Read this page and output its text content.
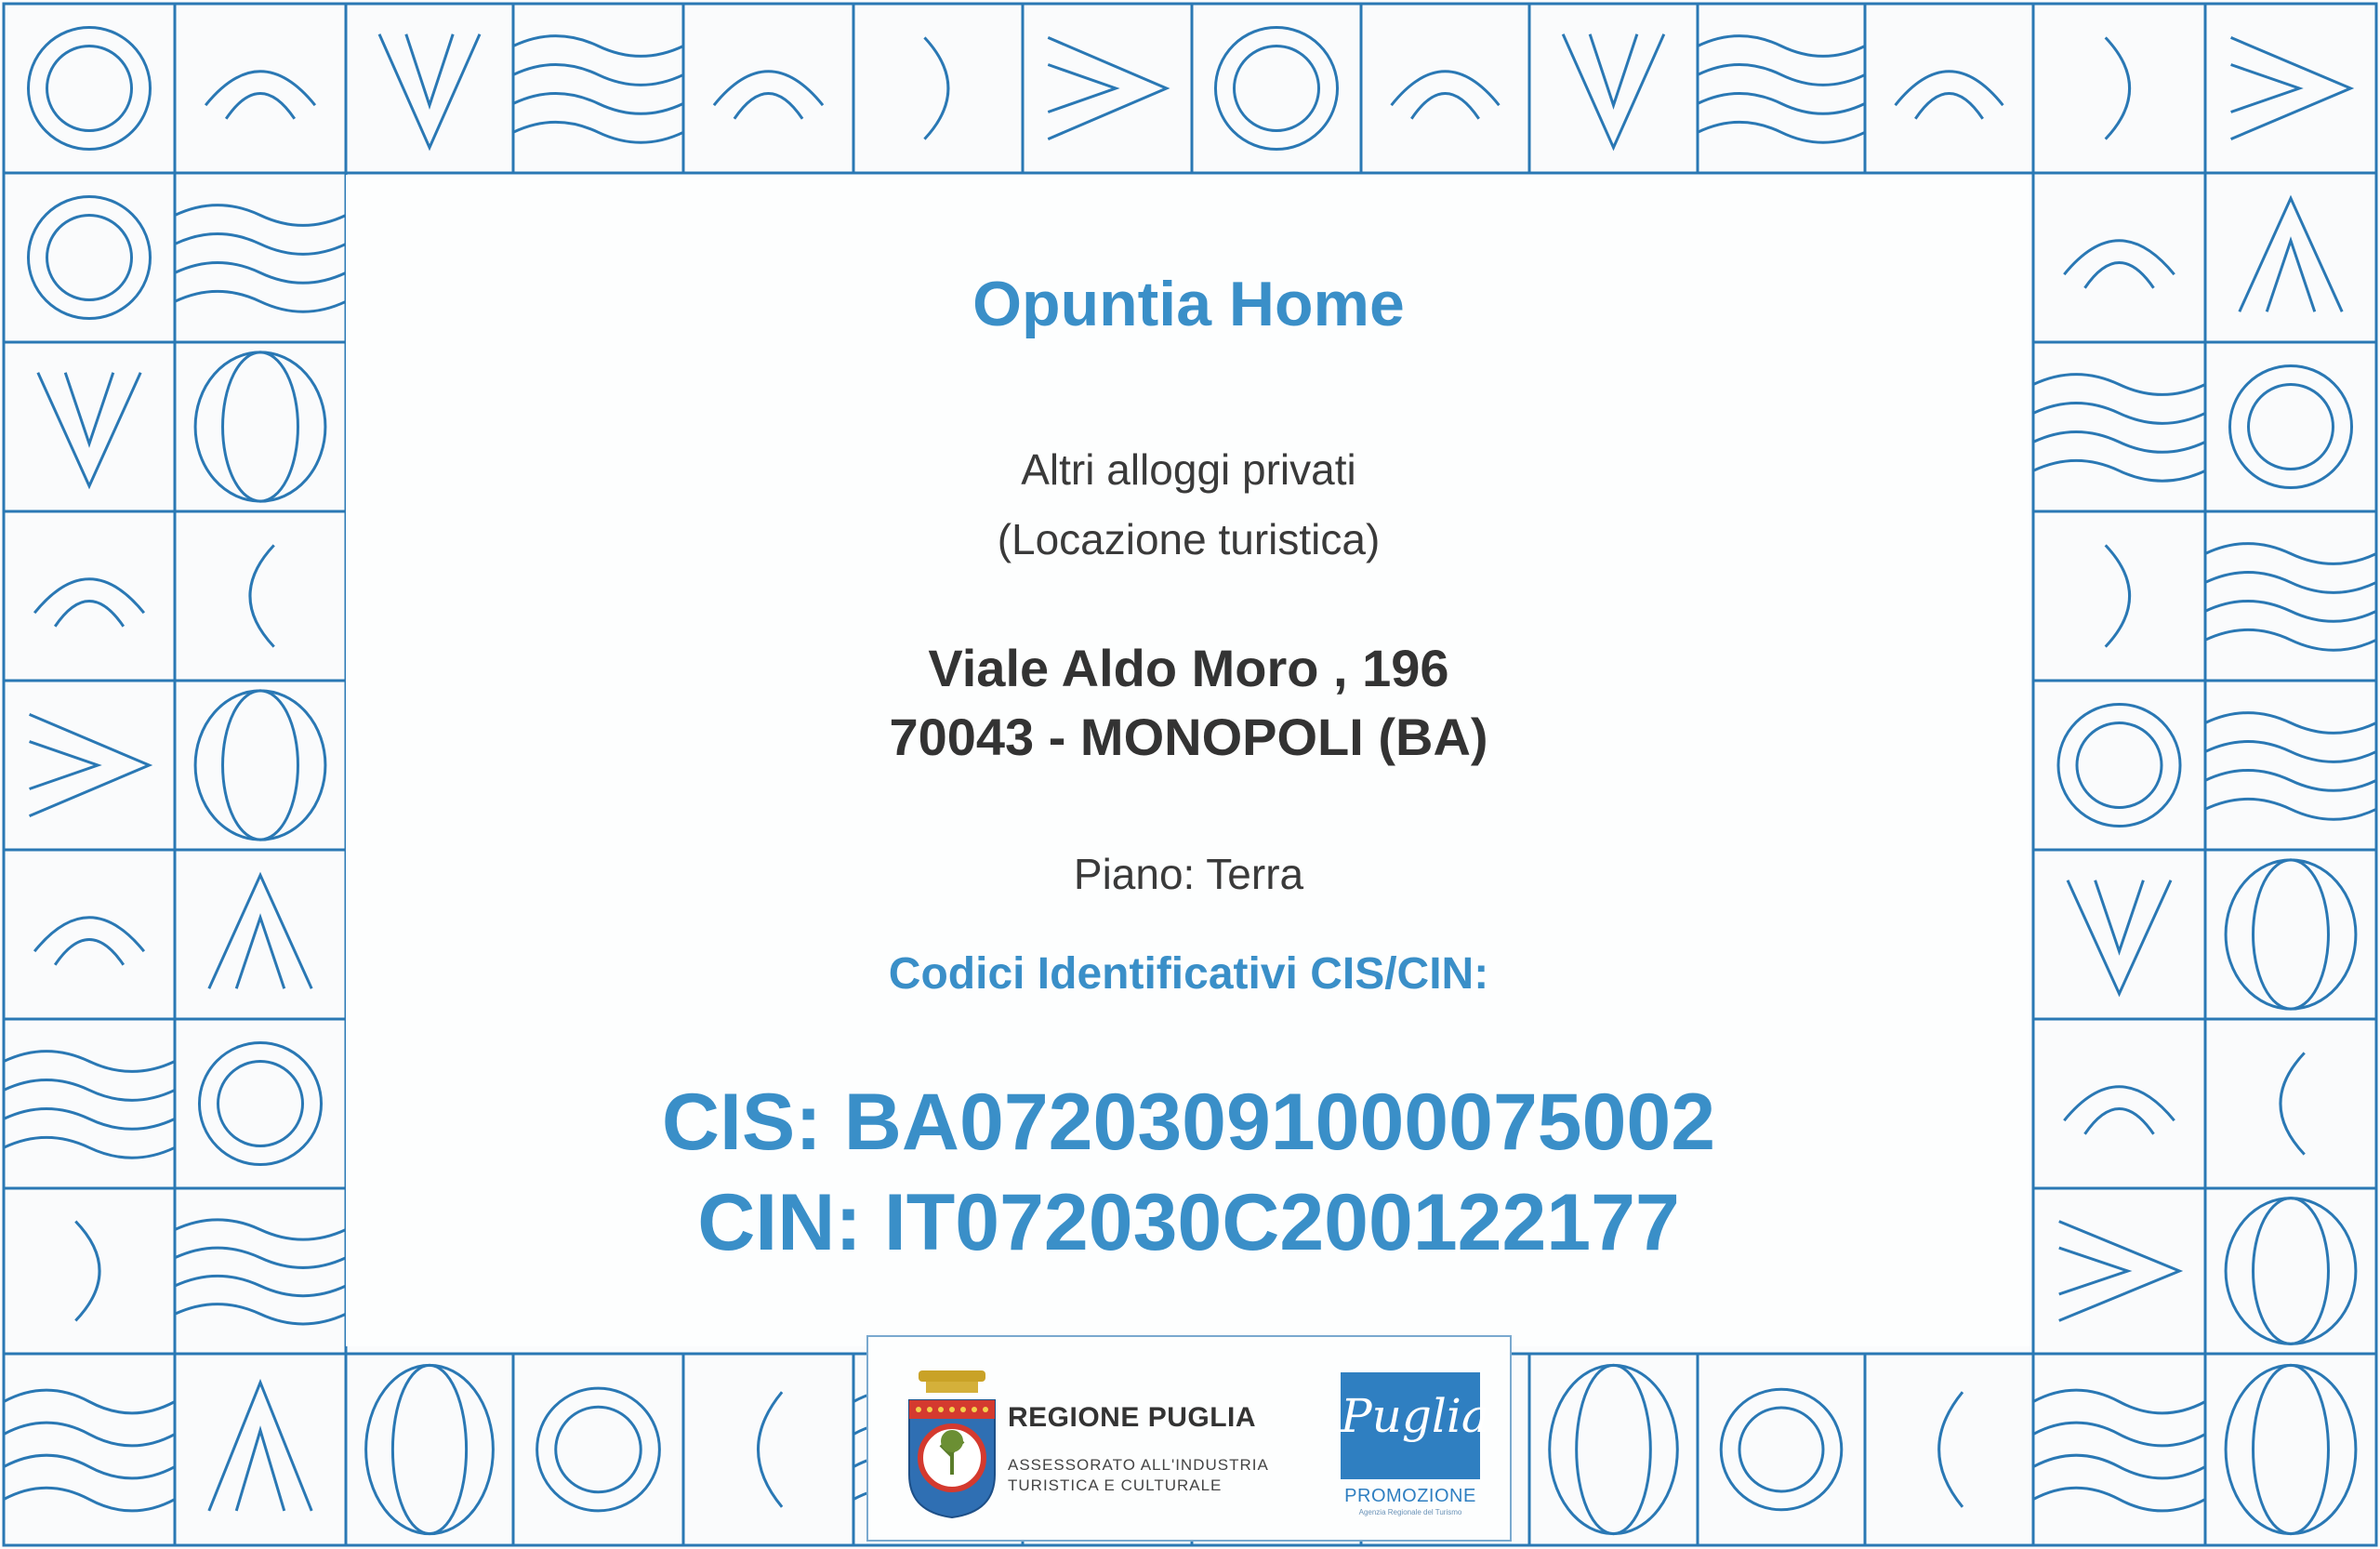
Opuntia Home

Altri alloggi privati

(Locazione turistica)

Viale Aldo Moro , 196

70043 - MONOPOLI (BA)

Piano: Terra

Codici Identificativi CIS/CIN:

CIS: BA07203091000075002

CIN: IT072030C200122177

REGIONE PUGLIA
ASSESSORATO ALL'INDUSTRIA
TURISTICA E CULTURALE
Puglia
PROMOZIONE
Agenzia Regionale del Turismo
